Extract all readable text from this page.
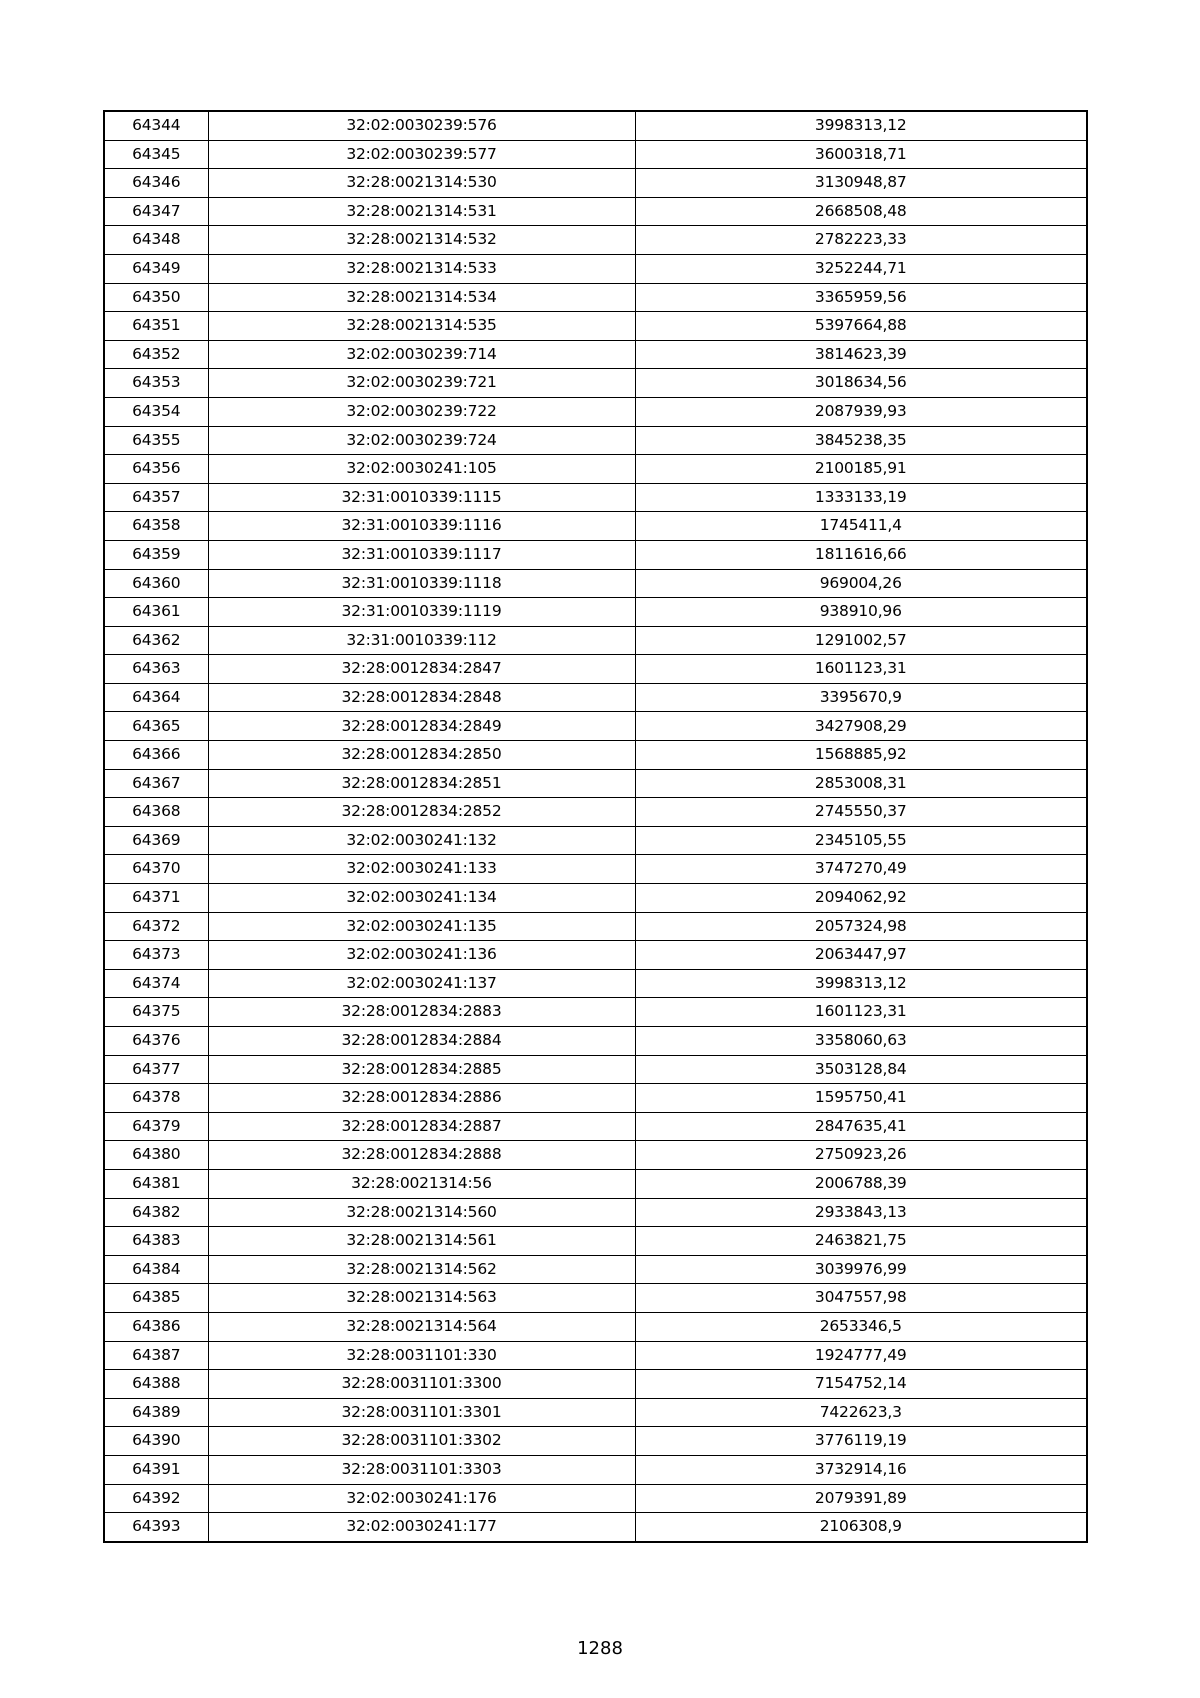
64344	32:02:0030239:576	3998313,12
64345	32:02:0030239:577	3600318,71
64346	32:28:0021314:530	3130948,87
64347	32:28:0021314:531	2668508,48
64348	32:28:0021314:532	2782223,33
64349	32:28:0021314:533	3252244,71
64350	32:28:0021314:534	3365959,56
64351	32:28:0021314:535	5397664,88
64352	32:02:0030239:714	3814623,39
64353	32:02:0030239:721	3018634,56
64354	32:02:0030239:722	2087939,93
64355	32:02:0030239:724	3845238,35
64356	32:02:0030241:105	2100185,91
64357	32:31:0010339:1115	1333133,19
64358	32:31:0010339:1116	1745411,4
64359	32:31:0010339:1117	1811616,66
64360	32:31:0010339:1118	969004,26
64361	32:31:0010339:1119	938910,96
64362	32:31:0010339:112	1291002,57
64363	32:28:0012834:2847	1601123,31
64364	32:28:0012834:2848	3395670,9
64365	32:28:0012834:2849	3427908,29
64366	32:28:0012834:2850	1568885,92
64367	32:28:0012834:2851	2853008,31
64368	32:28:0012834:2852	2745550,37
64369	32:02:0030241:132	2345105,55
64370	32:02:0030241:133	3747270,49
64371	32:02:0030241:134	2094062,92
64372	32:02:0030241:135	2057324,98
64373	32:02:0030241:136	2063447,97
64374	32:02:0030241:137	3998313,12
64375	32:28:0012834:2883	1601123,31
64376	32:28:0012834:2884	3358060,63
64377	32:28:0012834:2885	3503128,84
64378	32:28:0012834:2886	1595750,41
64379	32:28:0012834:2887	2847635,41
64380	32:28:0012834:2888	2750923,26
64381	32:28:0021314:56	2006788,39
64382	32:28:0021314:560	2933843,13
64383	32:28:0021314:561	2463821,75
64384	32:28:0021314:562	3039976,99
64385	32:28:0021314:563	3047557,98
64386	32:28:0021314:564	2653346,5
64387	32:28:0031101:330	1924777,49
64388	32:28:0031101:3300	7154752,14
64389	32:28:0031101:3301	7422623,3
64390	32:28:0031101:3302	3776119,19
64391	32:28:0031101:3303	3732914,16
64392	32:02:0030241:176	2079391,89
64393	32:02:0030241:177	2106308,9
1288
